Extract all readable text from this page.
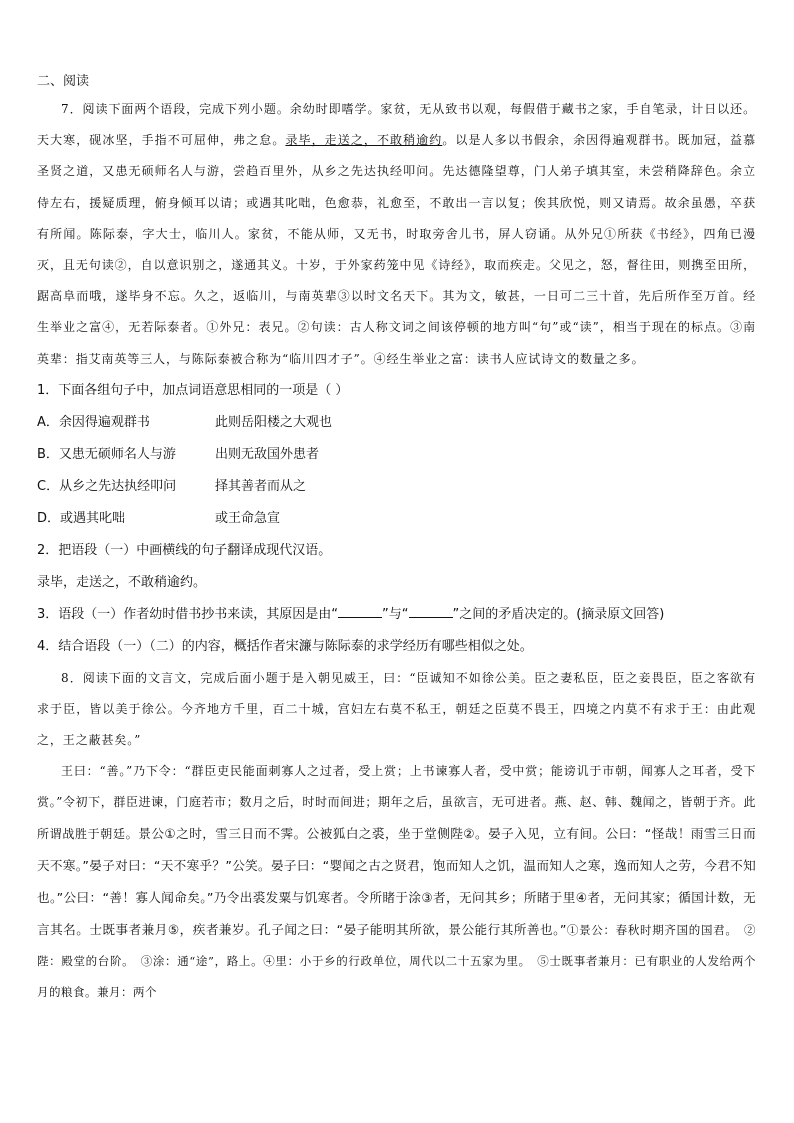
二、阅读

7．阅读下面两个语段，完成下列小题。余幼时即嗜学。家贫，无从致书以观，每假借于藏书之家，手自笔录，计日以还。天大寒，砚冰坚，手指不可屈伸，弗之怠。录毕，走送之，不敢稍逾约。以是人多以书假余，余因得遍观群书。既加冠，益慕圣贤之道，又患无硕师名人与游，尝趋百里外，从乡之先达执经叩问。先达德隆望尊，门人弟子填其室，未尝稍降辞色。余立侍左右，援疑质理，俯身倾耳以请；或遇其叱咄，色愈恭，礼愈至，不敢出一言以复；俟其欣悦，则又请焉。故余虽愚，卒获有所闻。陈际泰，字大士，临川人。家贫，不能从师，又无书，时取旁舍儿书，屏人窃诵。从外兄①所获《书经》，四角已漫灭，且无句读②，自以意识别之，遂通其义。十岁，于外家药笼中见《诗经》，取而疾走。父见之，怒，督往田，则携至田所，踞高阜而哦，遂毕身不忘。久之，返临川，与南英辈③以时文名天下。其为文，敏甚，一日可二三十首，先后所作至万首。经生举业之富④，无若际泰者。①外兄：表兄。②句读：古人称文词之间该停顿的地方叫“句”或“读”，相当于现在的标点。③南英辈：指艾南英等三人，与陈际泰被合称为“临川四才子”。④经生举业之富：读书人应试诗文的数量之多。

1．下面各组句子中，加点词语意思相同的一项是（ ）
A．余因得遍观群书	此则岳阳楼之大观也
B．又患无硕师名人与游	出则无敌国外患者
C．从乡之先达执经叩问	择其善者而从之
D．或遇其叱咄	或王命急宣
2．把语段（一）中画横线的句子翻译成现代汉语。
录毕，走送之，不敢稍逾约。
3．语段（一）作者幼时借书抄书来读，其原因是由“	”与“	”之间的矛盾决定的。(摘录原文回答)
4．结合语段（一）（二）的内容，概括作者宋濂与陈际泰的求学经历有哪些相似之处。

8．阅读下面的文言文，完成后面小题于是入朝见威王，曰：“臣诚知不如徐公美。臣之妻私臣，臣之妾畏臣，臣之客欲有求于臣，皆以美于徐公。今齐地方千里，百二十城，宫妇左右莫不私王，朝廷之臣莫不畏王，四境之内莫不有求于王：由此观之，王之蔽甚矣。”

王曰：“善。”乃下令：“群臣吏民能面刺寡人之过者，受上赏；上书谏寡人者，受中赏；能谤讥于市朝，闻寡人之耳者，受下赏。”令初下，群臣进谏，门庭若市；数月之后，时时而间进；期年之后，虽欲言，无可进者。燕、赵、韩、魏闻之，皆朝于齐。此所谓战胜于朝廷。景公①之时，雪三日而不霁。公被狐白之裘，坐于堂侧陛②。晏子入见，立有间。公曰：“怪哉！雨雪三日而天不寒。”晏子对曰：“天不寒乎？”公笑。晏子曰：“婴闻之古之贤君，饱而知人之饥，温而知人之寒，逸而知人之劳，今君不知也。”公曰：“善！寡人闻命矣。”乃令出裘发粟与饥寒者。令所睹于涂③者，无问其乡；所睹于里④者，无问其家；循国计数，无言其名。士既事者兼月⑤，疾者兼岁。孔子闻之曰：“晏子能明其所欲，景公能行其所善也。”①景公：春秋时期齐国的国君。　②陛：殿堂的台阶。　③涂：通“途”，路上。④里：小于乡的行政单位，周代以二十五家为里。　⑤士既事者兼月：已有职业的人发给两个月的粮食。兼月：两个
